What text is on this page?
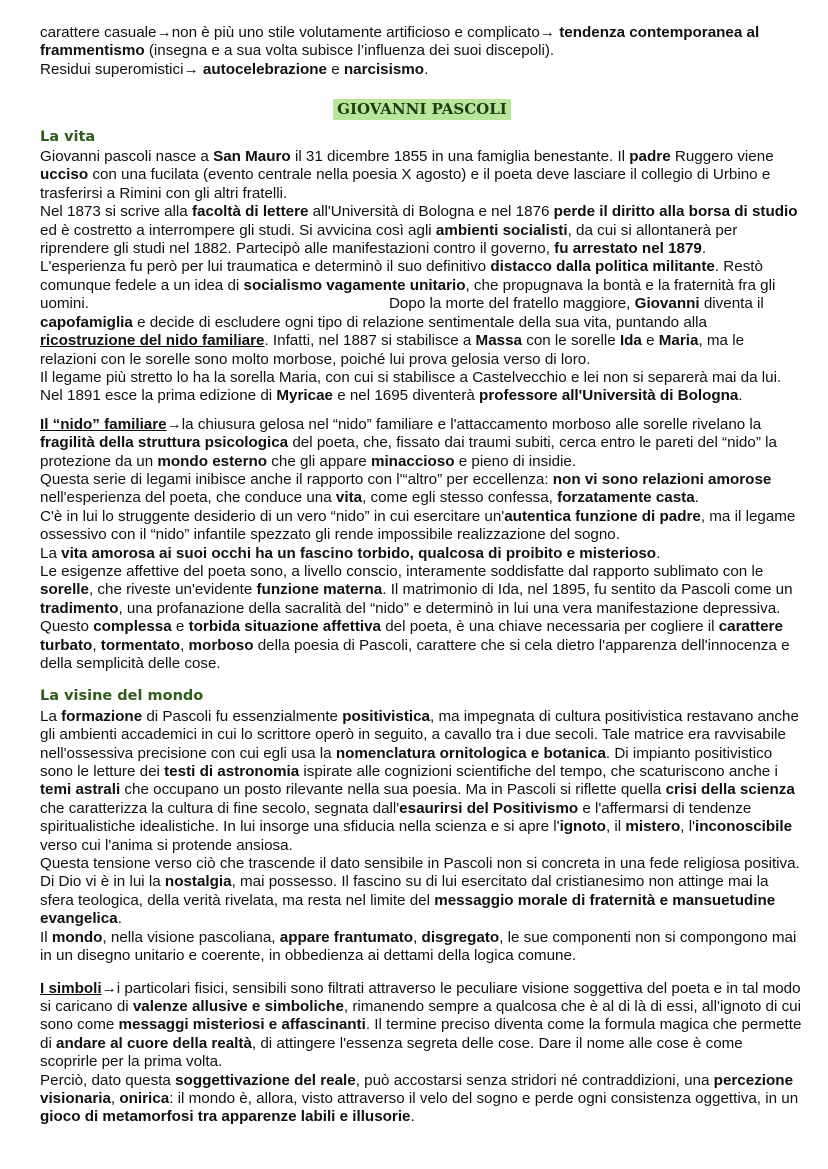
carattere casuale→non è più uno stile volutamente artificioso e complicato→ tendenza contemporanea al frammentismo (insegna e a sua volta subisce l’influenza dei suoi discepoli).
Residui superomistici→ autocelebrazione e narcisismo.

GIOVANNI PASCOLI
La vita

Giovanni pascoli nasce a San Mauro il 31 dicembre 1855 in una famiglia benestante. Il padre Ruggero viene ucciso con una fucilata (evento centrale nella poesia X agosto) e il poeta deve lasciare il collegio di Urbino e trasferirsi a Rimini con gli altri fratelli.

Nel 1873 si scrive alla facoltà di lettere all'Università di Bologna e nel 1876 perde il diritto alla borsa di studio ed è costretto a interrompere gli studi. Si avvicina così agli ambienti socialisti, da cui si allontanerà per riprendere gli studi nel 1882. Partecipò alle manifestazioni contro il governo, fu arrestato nel 1879.

L'esperienza fu però per lui traumatica e determinò il suo definitivo distacco dalla politica militante. Restò comunque fedele a un idea di socialismo vagamente unitario, che propugnava la bontà e la fraternità fra gli uomini.	Dopo la morte del fratello maggiore, Giovanni diventa il capofamiglia e decide di escludere ogni tipo di relazione sentimentale della sua vita, puntando alla ricostruzione del nido familiare. Infatti, nel 1887 si stabilisce a Massa con le sorelle Ida e Maria, ma le relazioni con le sorelle sono molto morbose, poiché lui prova gelosia verso di loro.

Il legame più stretto lo ha la sorella Maria, con cui si stabilisce a Castelvecchio e lei non si separerà mai da lui. Nel 1891 esce la prima edizione di Myricae e nel 1695 diventerà professore all'Università di Bologna.

Il “nido” familiare→la chiusura gelosa nel “nido” familiare e l'attaccamento morboso alle sorelle rivelano la fragilità della struttura psicologica del poeta, che, fissato dai traumi subiti, cerca entro le pareti del “nido” la protezione da un mondo esterno che gli appare minaccioso e pieno di insidie.

Questa serie di legami inibisce anche il rapporto con l'“altro” per eccellenza: non vi sono relazioni amorose nell'esperienza del poeta, che conduce una vita, come egli stesso confessa, forzatamente casta.

C'è in lui lo struggente desiderio di un vero “nido” in cui esercitare un'autentica funzione di padre, ma il legame ossessivo con il “nido” infantile spezzato gli rende impossibile realizzazione del sogno.

La vita amorosa ai suoi occhi ha un fascino torbido, qualcosa di proibito e misterioso.

Le esigenze affettive del poeta sono, a livello conscio, interamente soddisfatte dal rapporto sublimato con le sorelle, che riveste un'evidente funzione materna. Il matrimonio di Ida, nel 1895, fu sentito da Pascoli come un tradimento, una profanazione della sacralità del “nido” e determinò in lui una vera manifestazione depressiva.

Questo complessa e torbida situazione affettiva del poeta, è una chiave necessaria per cogliere il carattere turbato, tormentato, morboso della poesia di Pascoli, carattere che si cela dietro l'apparenza dell'innocenza e della semplicità delle cose.

La visine del mondo

La formazione di Pascoli fu essenzialmente positivistica, ma impegnata di cultura positivistica restavano anche gli ambienti accademici in cui lo scrittore operò in seguito, a cavallo tra i due secoli. Tale matrice era ravvisabile nell'ossessiva precisione con cui egli usa la nomenclatura ornitologica e botanica. Di impianto positivistico sono le letture dei testi di astronomia ispirate alle cognizioni scientifiche del tempo, che scaturiscono anche i temi astrali che occupano un posto rilevante nella sua poesia. Ma in Pascoli si riflette quella crisi della scienza che caratterizza la cultura di fine secolo, segnata dall'esaurirsi del Positivismo e l'affermarsi di tendenze spiritualistiche idealistiche. In lui insorge una sfiducia nella scienza e si apre l'ignoto, il mistero, l'inconoscibile verso cui l'anima si protende ansiosa.

Questa tensione verso ciò che trascende il dato sensibile in Pascoli non si concreta in una fede religiosa positiva. Di Dio vi è in lui la nostalgia, mai possesso. Il fascino su di lui esercitato dal cristianesimo non attinge mai la sfera teologica, della verità rivelata, ma resta nel limite del messaggio morale di fraternità e mansuetudine evangelica.

Il mondo, nella visione pascoliana, appare frantumato, disgregato, le sue componenti non si compongono mai in un disegno unitario e coerente, in obbedienza ai dettami della logica comune.

I simboli→i particolari fisici, sensibili sono filtrati attraverso le peculiare visione soggettiva del poeta e in tal modo si caricano di valenze allusive e simboliche, rimanendo sempre a qualcosa che è al di là di essi, all'ignoto di cui sono come messaggi misteriosi e affascinanti. Il termine preciso diventa come la formula magica che permette di andare al cuore della realtà, di attingere l'essenza segreta delle cose. Dare il nome alle cose è come scoprirle per la prima volta.

Perciò, dato questa soggettivazione del reale, può accostarsi senza stridori né contraddizioni, una percezione visionaria, onirica: il mondo è, allora, visto attraverso il velo del sogno e perde ogni consistenza oggettiva, in un gioco di metamorfosi tra apparenze labili e illusorie.
